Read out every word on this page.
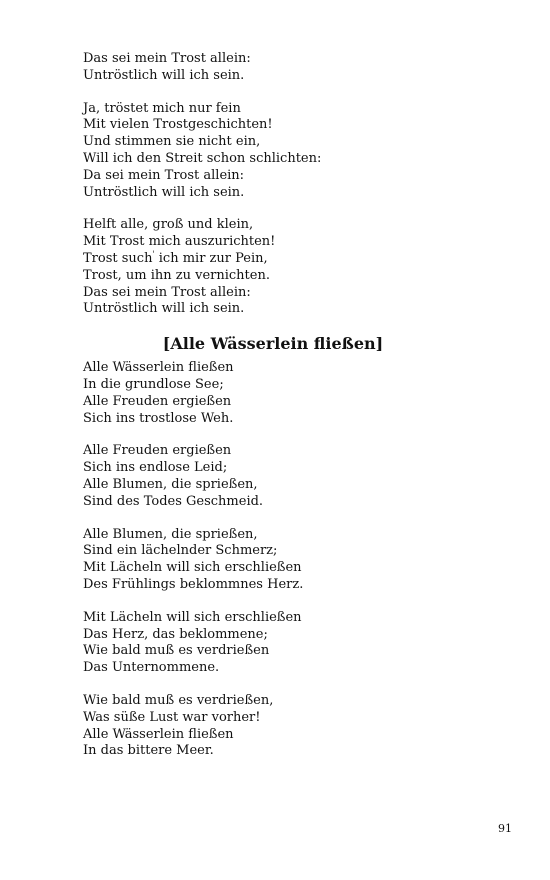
Das sei mein Trost allein:
Untröstlich will ich sein.
Ja, tröstet mich nur fein
Mit vielen Trostgeschichten!
Und stimmen sie nicht ein,
Will ich den Streit schon schlichten:
Da sei mein Trost allein:
Untröstlich will ich sein.
Helft alle, groß und klein,
Mit Trost mich auszurichten!
Trost such' ich mir zur Pein,
Trost, um ihn zu vernichten.
Das sei mein Trost allein:
Untröstlich will ich sein.
[Alle Wässerlein fließen]
Alle Wässerlein fließen
In die grundlose See;
Alle Freuden ergießen
Sich ins trostlose Weh.
Alle Freuden ergießen
Sich ins endlose Leid;
Alle Blumen, die sprießen,
Sind des Todes Geschmeid.
Alle Blumen, die sprießen,
Sind ein lächelnder Schmerz;
Mit Lächeln will sich erschließen
Des Frühlings beklommnes Herz.
Mit Lächeln will sich erschließen
Das Herz, das beklommene;
Wie bald muß es verdrießen
Das Unternommene.
Wie bald muß es verdrießen,
Was süße Lust war vorher!
Alle Wässerlein fließen
In das bittere Meer.
91
